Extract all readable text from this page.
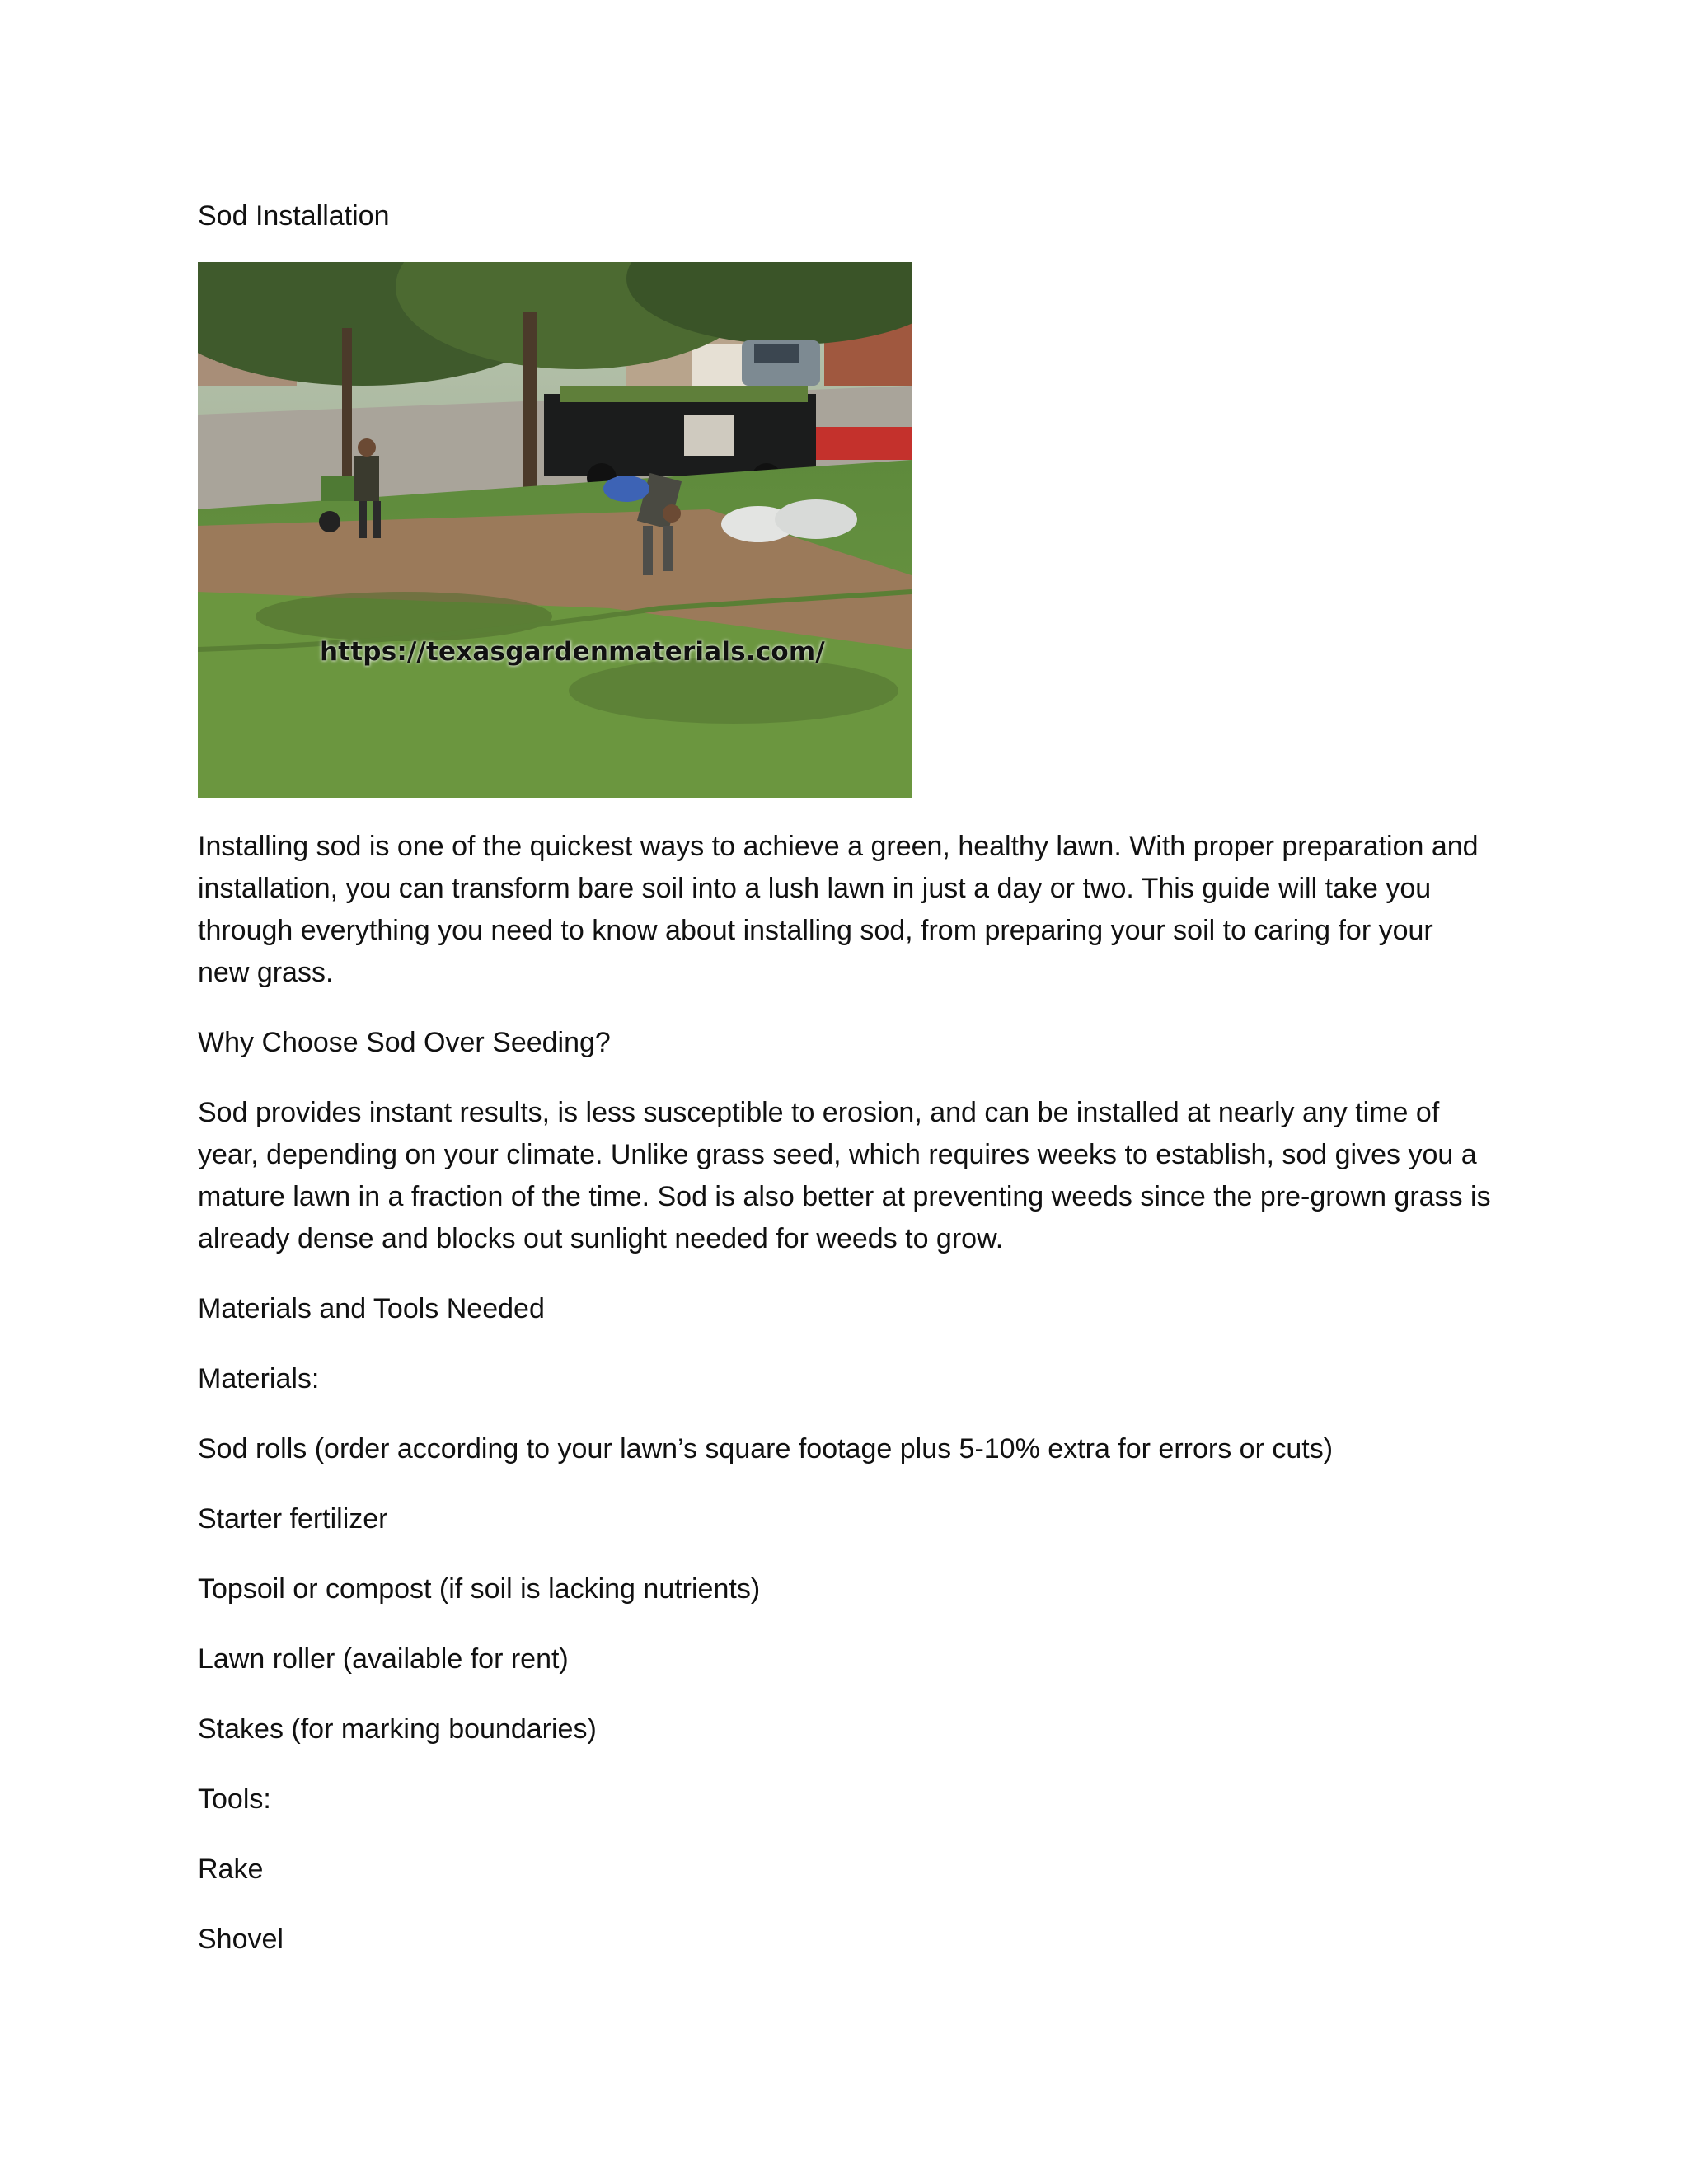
Sod Installation
https://texasgardenmaterials.com/

Installing sod is one of the quickest ways to achieve a green, healthy lawn. With proper preparation and installation, you can transform bare soil into a lush lawn in just a day or two. This guide will take you through everything you need to know about installing sod, from preparing your soil to caring for your new grass.

Why Choose Sod Over Seeding?

Sod provides instant results, is less susceptible to erosion, and can be installed at nearly any time of year, depending on your climate. Unlike grass seed, which requires weeks to establish, sod gives you a mature lawn in a fraction of the time. Sod is also better at preventing weeds since the pre-grown grass is already dense and blocks out sunlight needed for weeds to grow.

Materials and Tools Needed

Materials:

Sod rolls (order according to your lawn’s square footage plus 5-10% extra for errors or cuts)

Starter fertilizer

Topsoil or compost (if soil is lacking nutrients)

Lawn roller (available for rent)

Stakes (for marking boundaries)

Tools:

Rake

Shovel
